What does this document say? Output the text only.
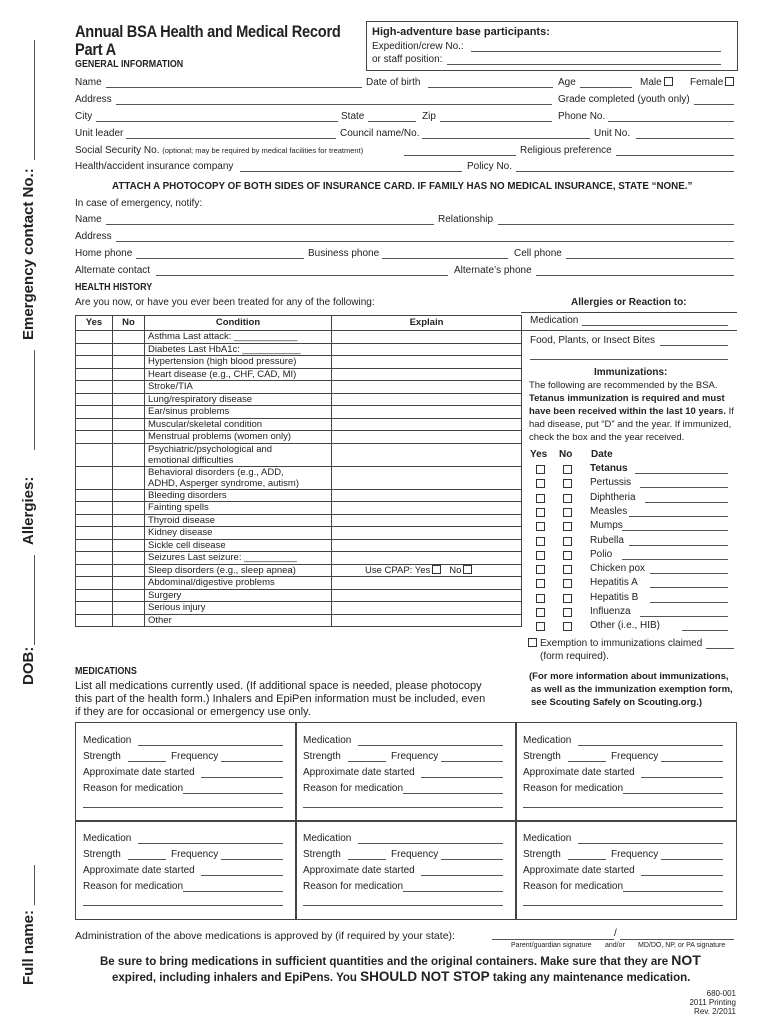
Full name:
DOB:
Allergies:
Emergency contact No.:
Annual BSA Health and Medical Record
Part A
GENERAL INFORMATION
High-adventure base participants:
Expedition/crew No.:
or staff position:
Name	Date of birth	Age	Male	Female
Address	Grade completed (youth only)
City	State	Zip	Phone No.
Unit leader	Council name/No.	Unit No.
Social Security No. (optional; may be required by medical facilities for treatment)	Religious preference
Health/accident insurance company	Policy No.
ATTACH A PHOTOCOPY OF BOTH SIDES OF INSURANCE CARD. IF FAMILY HAS NO MEDICAL INSURANCE, STATE “NONE.”
In case of emergency, notify:
Name	Relationship
Address
Home phone	Business phone	Cell phone
Alternate contact	Alternate’s phone
HEALTH HISTORY
Are you now, or have you ever been treated for any of the following:
Yes	No	Condition	Explain
		Asthma Last attack: ____________	
		Diabetes Last HbA1c: ___________	
		Hypertension (high blood pressure)	
		Heart disease (e.g., CHF, CAD, MI)	
		Stroke/TIA	
		Lung/respiratory disease	
		Ear/sinus problems	
		Muscular/skeletal condition	
		Menstrual problems (women only)	

		Psychiatric/psychological and
emotional difficulties	

		Behavioral disorders (e.g., ADD,
ADHD, Asperger syndrome, autism)	

		Bleeding disorders	
		Fainting spells	
		Thyroid disease	
		Kidney disease	
		Sickle cell disease	
		Seizures Last seizure: __________	
		Sleep disorders (e.g., sleep apnea)	Use CPAP: Yes No
		Abdominal/digestive problems	
		Surgery	
		Serious injury	
		Other	
Allergies or Reaction to:
Medication
Food, Plants, or Insect Bites
Immunizations:
The following are recommended by the BSA.
Tetanus immunization is required and must
have been received within the last 10 years. If
had disease, put “D” and the year. If immunized,
check the box and the year received.
Yes No Date
Tetanus
Pertussis
Diphtheria
Measles
Mumps
Rubella
Polio
Chicken pox
Hepatitis A
Hepatitis B
Influenza
Other (i.e., HIB)
Exemption to immunizations claimed
(form required).
(For more information about immunizations,
as well as the immunization exemption form,
see Scouting Safely on Scouting.org.)
MEDICATIONS
List all medications currently used. (If additional space is needed, please photocopy
this part of the health form.) Inhalers and EpiPen information must be included, even
if they are for occasional or emergency use only.
Medication
Strength	Frequency
Approximate date started
Reason for medication
Medication
Strength	Frequency
Approximate date started
Reason for medication
Medication
Strength	Frequency
Approximate date started
Reason for medication
Medication
Strength	Frequency
Approximate date started
Reason for medication
Medication
Strength	Frequency
Approximate date started
Reason for medication
Medication
Strength	Frequency
Approximate date started
Reason for medication
Administration of the above medications is approved by (if required by your state):	/
Parent/guardian signature and/or MD/DO, NP, or PA signature
Be sure to bring medications in sufficient quantities and the original containers. Make sure that they are NOT
expired, including inhalers and EpiPens. You SHOULD NOT STOP taking any maintenance medication.
680-001
2011 Printing
Rev. 2/2011
